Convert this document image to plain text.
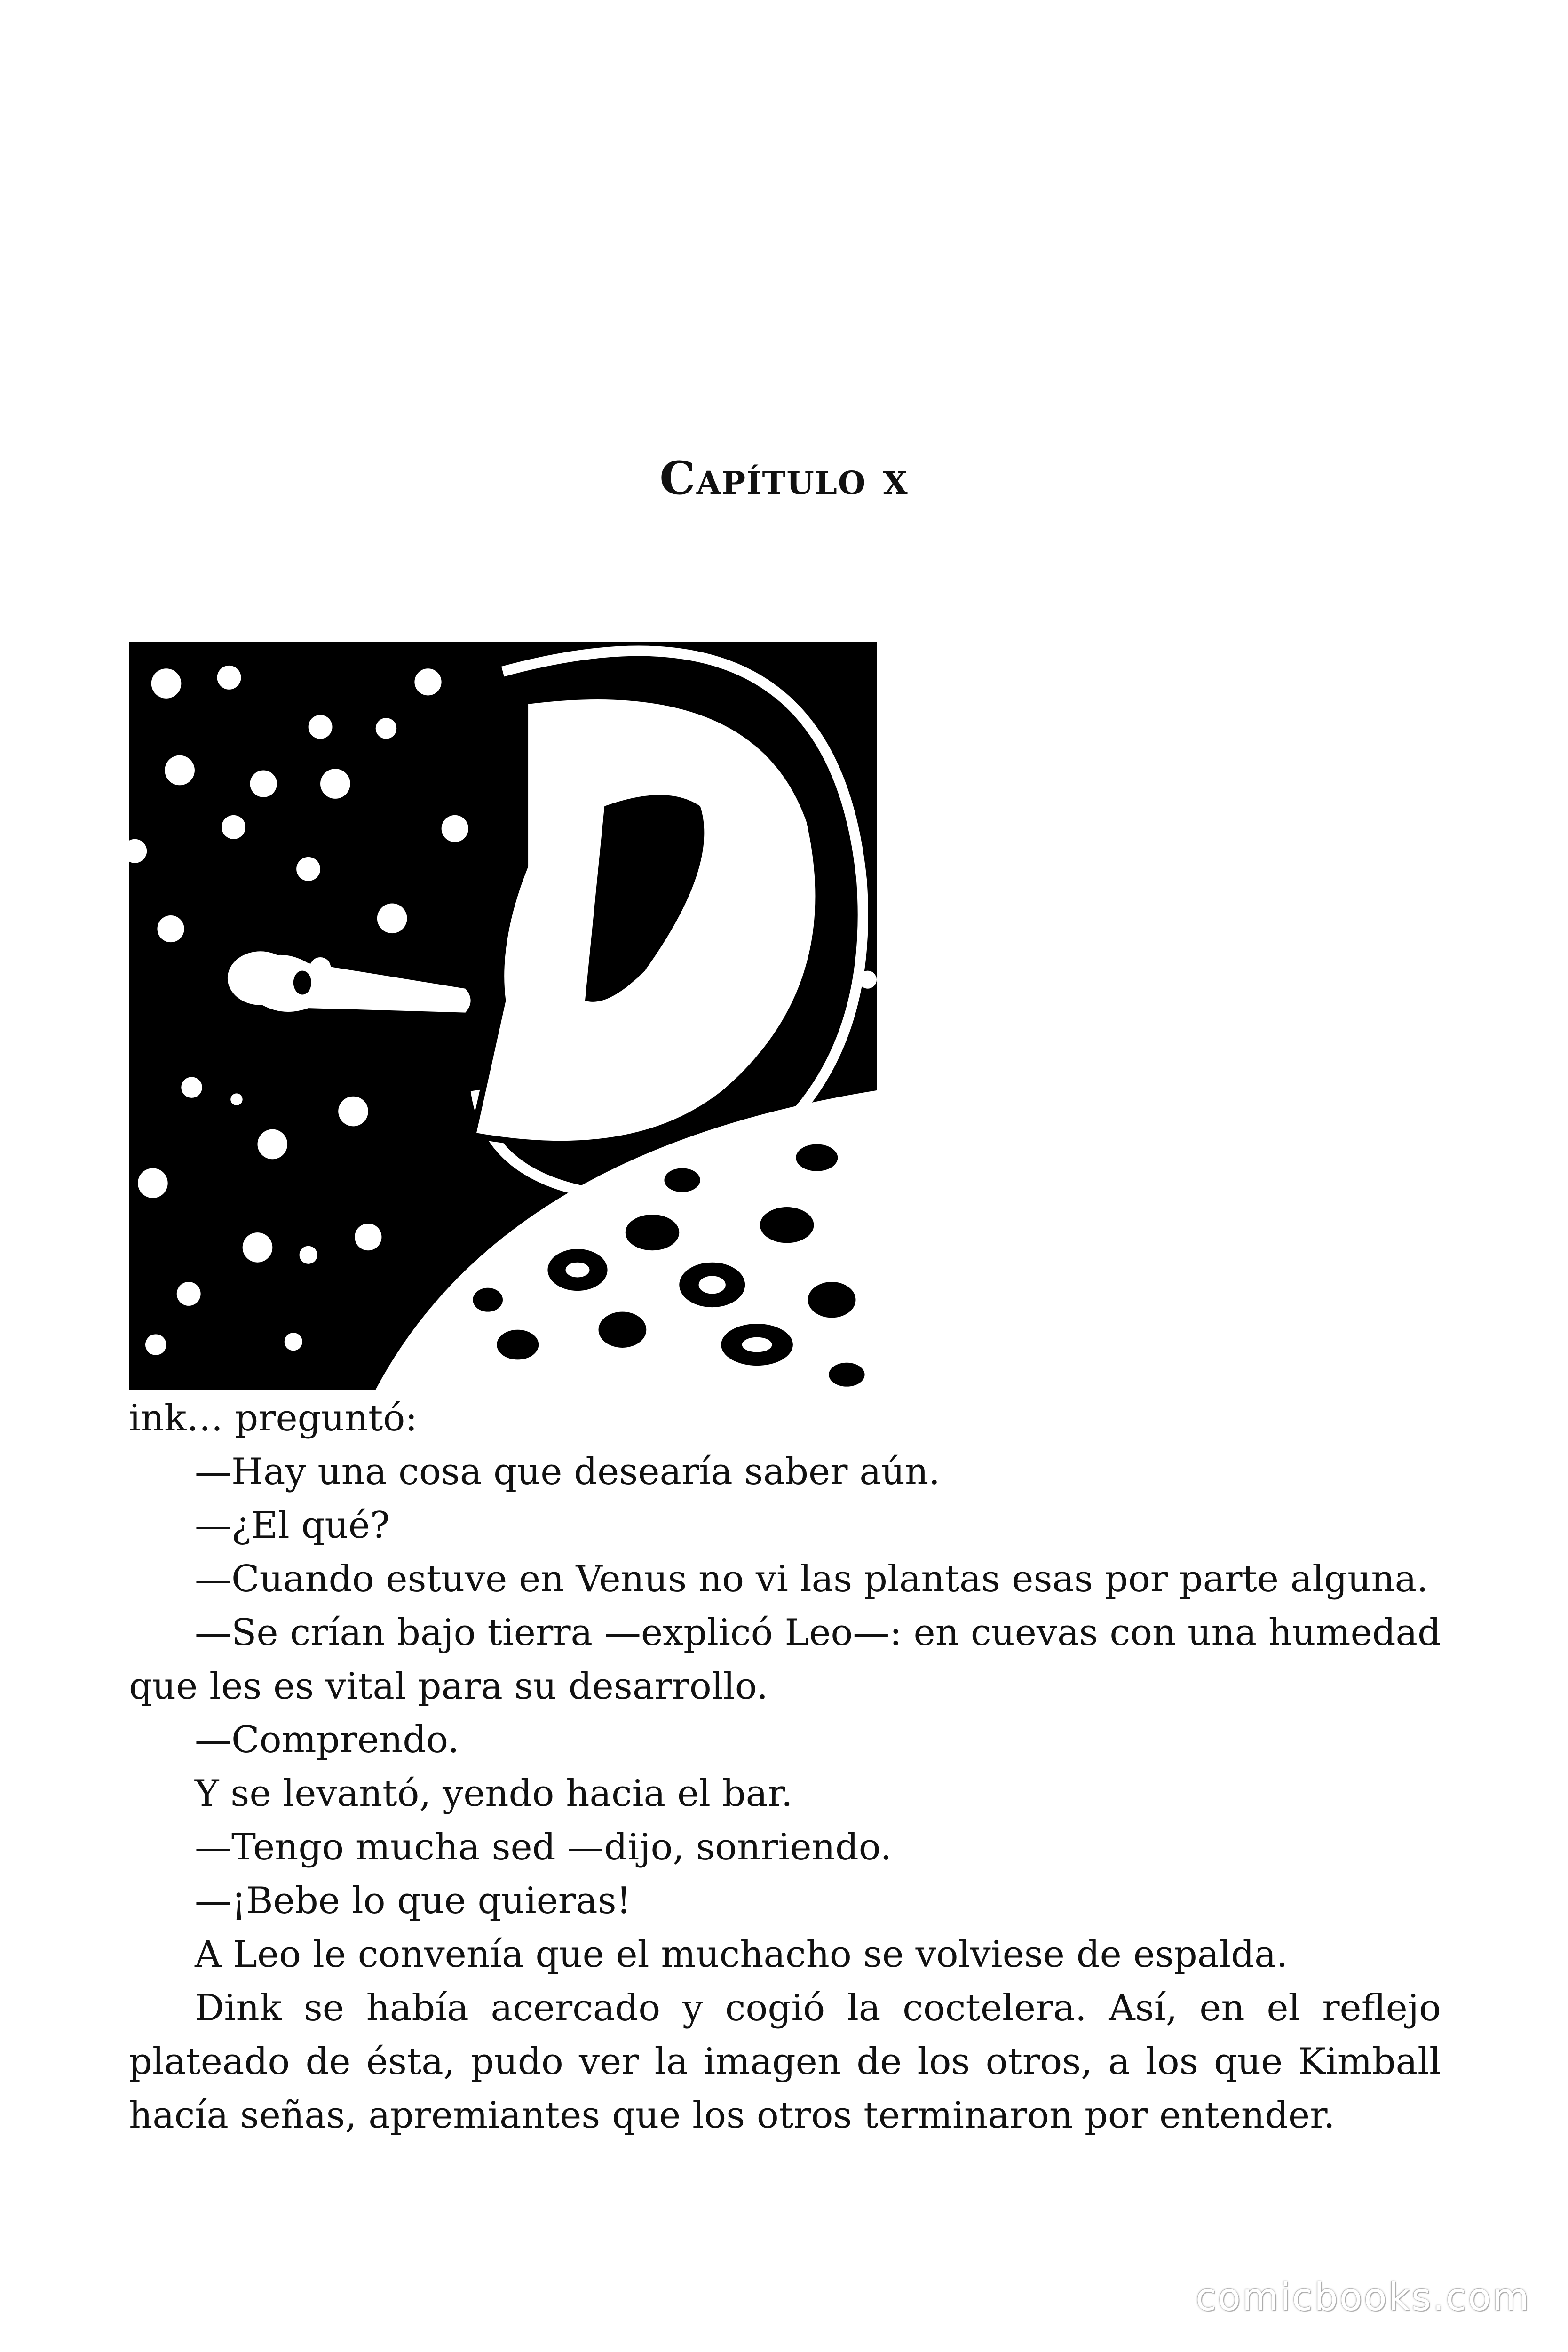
Capítulo x

ink… preguntó:

—Hay una cosa que desearía saber aún.

—¿El qué?

—Cuando estuve en Venus no vi las plantas esas por parte alguna.

—Se crían bajo tierra —explicó Leo—: en cuevas con una humedad que les es vital para su desarrollo.

—Comprendo.

Y se levantó, yendo hacia el bar.

—Tengo mucha sed —dijo, sonriendo.

—¡Bebe lo que quieras!

A Leo le convenía que el muchacho se volviese de espalda.

Dink se había acercado y cogió la coctelera. Así, en el reflejo plateado de ésta, pudo ver la imagen de los otros, a los que Kimball hacía señas, apremiantes que los otros terminaron por entender.

comicbooks.com
